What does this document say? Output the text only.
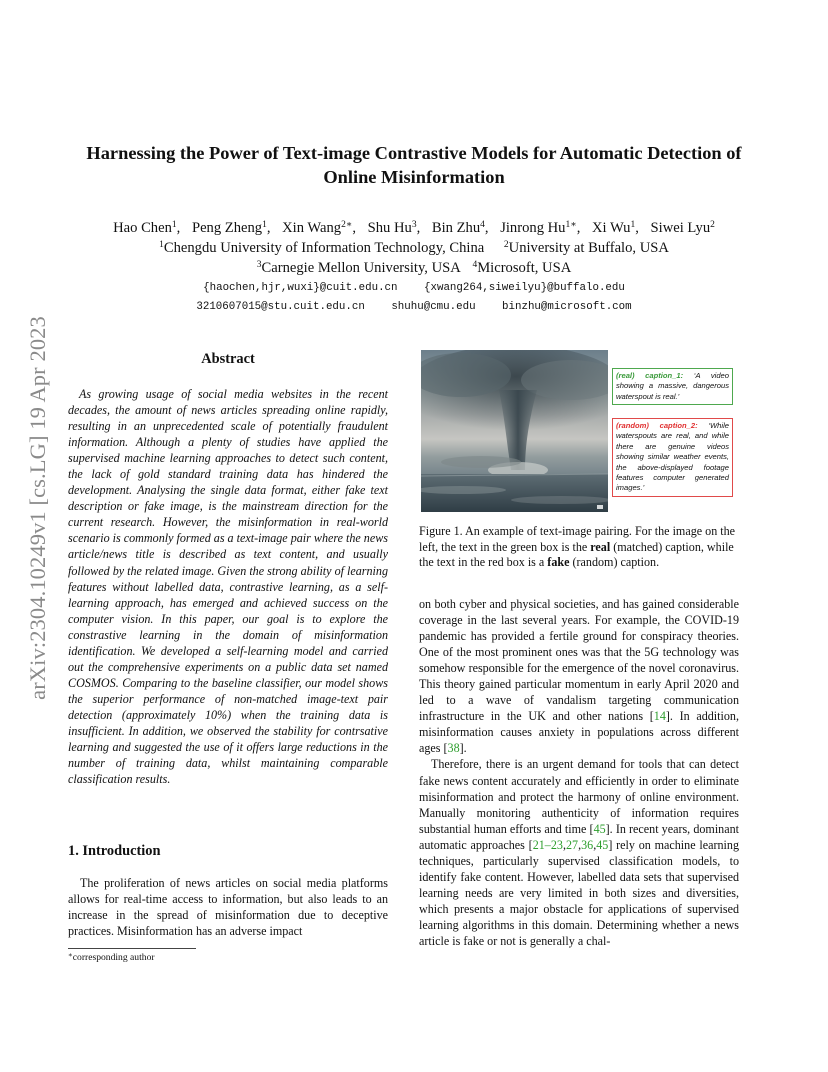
arXiv:2304.10249v1 [cs.LG] 19 Apr 2023
Harnessing the Power of Text-image Contrastive Models for Automatic Detection of Online Misinformation
Hao Chen$^1$, Peng Zheng$^1$, Xin Wang$^{2∗}$, Shu Hu$^3$, Bin Zhu$^4$, Jinrong $Hu^{1∗}$, Xi Wu$^1$, Siwei Lyu$^2$
$^1$Chengdu University of Information Technology, China $^2$University at Buffalo, USA
$^3$Carnegie Mellon University, USA $^4$Microsoft, USA
{haochen,hjr,wuxi}@cuit.edu.cn {xwang264,siweilyu}@buffalo.edu
3210607015@stu.cuit.edu.cn shuhu@cmu.edu binzhu@microsoft.com
Abstract

As growing usage of social media websites in the recent decades, the amount of news articles spreading online rapidly, resulting in an unprecedented scale of potentially fraudulent information. Although a plenty of studies have applied the supervised machine learning approaches to detect such content, the lack of gold standard training data has hindered the development. Analysing the single data format, either fake text description or fake image, is the mainstream direction for the current research. However, the misinformation in real-world scenario is commonly formed as a text-image pair where the news article/news title is described as text content, and usually followed by the related image. Given the strong ability of learning features without labelled data, contrastive learning, as a self-learning approach, has emerged and achieved success on the computer vision. In this paper, our goal is to explore the constrastive learning in the domain of misinformation identification. We developed a self-learning model and carried out the comprehensive experiments on a public data set named COSMOS. Comparing to the baseline classifier, our model shows the superior performance of non-matched image-text pair detection (approximately 10%) when the training data is insufficient. In addition, we observed the stability for contrsative learning and suggested the use of it offers large reductions in the number of training data, whilst maintaining comparable classification results.

1. Introduction

The proliferation of news articles on social media platforms allows for real-time access to information, but also leads to an increase in the spread of misinformation due to deceptive practices. Misinformation has an adverse impact

∗corresponding author
(real) caption_1: ‘A video showing a massive, dangerous waterspout is real.’
(random) caption_2: ‘While waterspouts are real, and while there are genuine videos showing similar weather events, the above-displayed footage features computer generated images.’

Figure 1. An example of text-image pairing. For the image on the left, the text in the green box is the real (matched) caption, while the text in the red box is a fake (random) caption.

on both cyber and physical societies, and has gained considerable coverage in the last several years. For example, the COVID-19 pandemic has provided a fertile ground for conspiracy theories. One of the most prominent ones was that the 5G technology was somehow responsible for the emergence of the novel coronavirus. This theory gained particular momentum in early April 2020 and led to a wave of vandalism targeting communication infrastructure in the UK and other nations [14]. In addition, misinformation causes anxiety in populations across different ages [38].

Therefore, there is an urgent demand for tools that can detect fake news content accurately and efficiently in order to eliminate misinformation and protect the harmony of online environment. Manually monitoring authenticity of information requires substantial human efforts and time [45]. In recent years, dominant automatic approaches [21–23,27,36,45] rely on machine learning techniques, particularly supervised classification models, to identify fake content. However, labelled data sets that supervised learning needs are very limited in both sizes and diversities, which presents a major obstacle for applications of supervised learning algorithms in this domain. Determining whether a news article is fake or not is generally a chal-
